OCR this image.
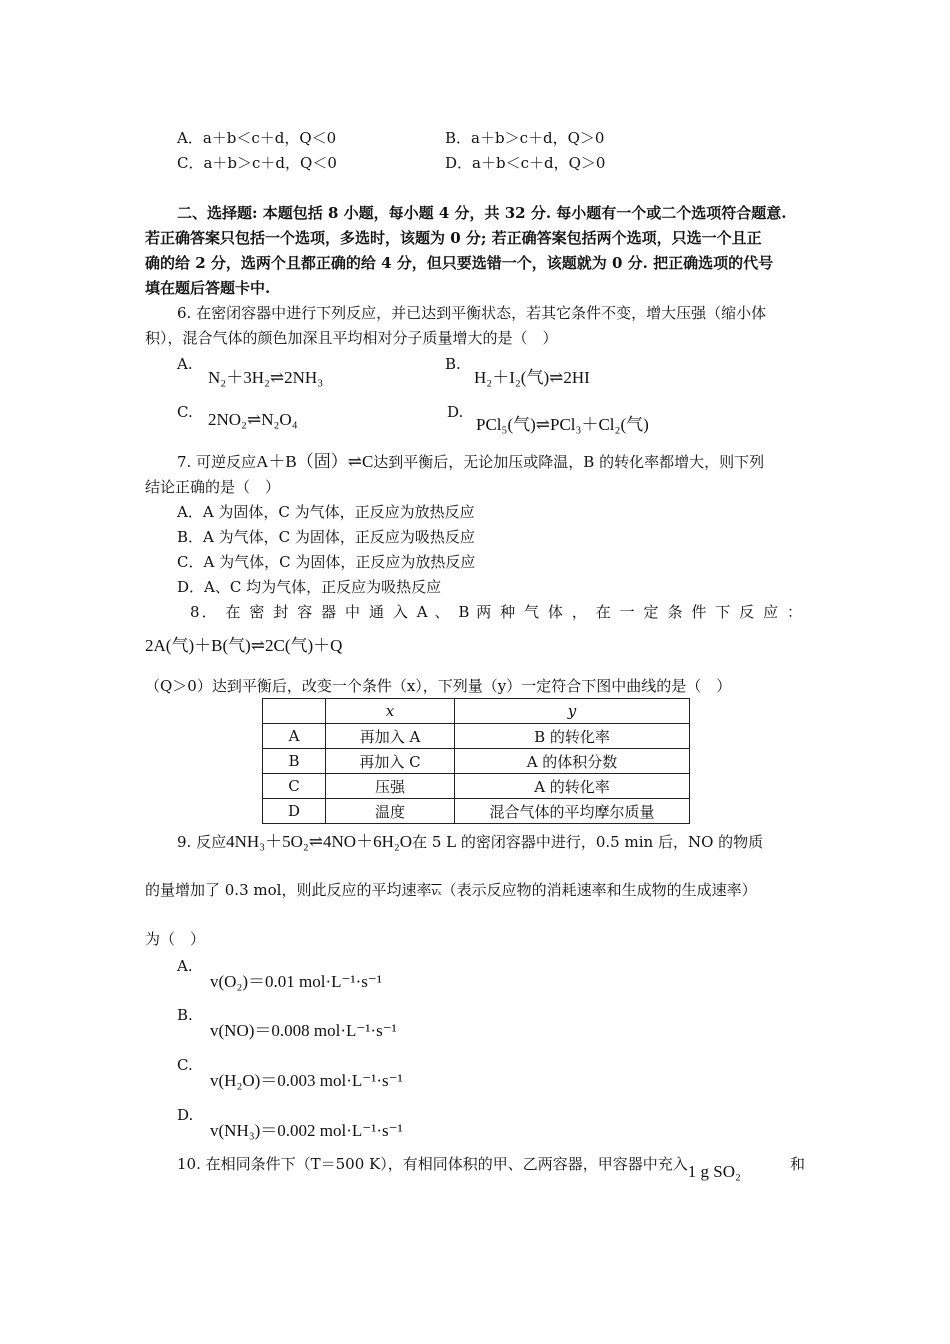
A．a＋b＜c＋d，Q＜0	B．a＋b＞c＋d，Q＞0
C．a＋b＞c＋d，Q＜0	D．a＋b＜c＋d，Q＞0
二、选择题: 本题包括 8 小题，每小题 4 分，共 32 分. 每小题有一个或二个选项符合题意.
若正确答案只包括一个选项，多选时，该题为 0 分; 若正确答案包括两个选项，只选一个且正
确的给 2 分，选两个且都正确的给 4 分，但只要选错一个，该题就为 0 分. 把正确选项的代号
填在题后答题卡中.
6. 在密闭容器中进行下列反应，并已达到平衡状态，若其它条件不变，增大压强（缩小体
积），混合气体的颜色加深且平均相对分子质量增大的是（　）
A.
N₂＋3H₂⇌2NH₃
B.
H₂＋I₂(气)⇌2HI
C. 2NO₂⇌N₂O₄	D.
PCl₅(气)⇌PCl₃＋Cl₂(气)
7. 可逆反应A＋B（固）⇌C达到平衡后，无论加压或降温，B 的转化率都增大，则下列
结论正确的是（　）
A．A 为固体，C 为气体，正反应为放热反应
B．A 为气体，C 为固体，正反应为吸热反应
C．A 为气体，C 为固体，正反应为放热反应
D．A、C 均为气体，正反应为吸热反应
8． 在 密 封 容 器 中 通 入 A 、 B 两 种 气 体 ， 在 一 定 条 件 下 反 应 ：
2A(气)＋B(气)⇌2C(气)＋Q
（Q＞0）达到平衡后，改变一个条件（x），下列量（y）一定符合下图中曲线的是（　）
	x	y
A	再加入 A	B 的转化率
B	再加入 C	A 的体积分数
C	压强	A 的转化率
D	温度	混合气体的平均摩尔质量
9. 反应4NH₃＋5O₂⇌4NO＋6H₂O在 5 L 的密闭容器中进行，0.5 min 后，NO 的物质
的量增加了 0.3 mol，则此反应的平均速率$\overline{v_x}$（表示反应物的消耗速率和生成物的生成速率）
为（　）
A.
v(O₂)＝0.01 mol·L⁻¹·s⁻¹
B.
v(NO)＝0.008 mol·L⁻¹·s⁻¹
C.
v(H₂O)＝0.003 mol·L⁻¹·s⁻¹
D.
v(NH₃)＝0.002 mol·L⁻¹·s⁻¹
10. 在相同条件下（T＝500 K），有相同体积的甲、乙两容器，甲容器中充入1 g SO₂	和
